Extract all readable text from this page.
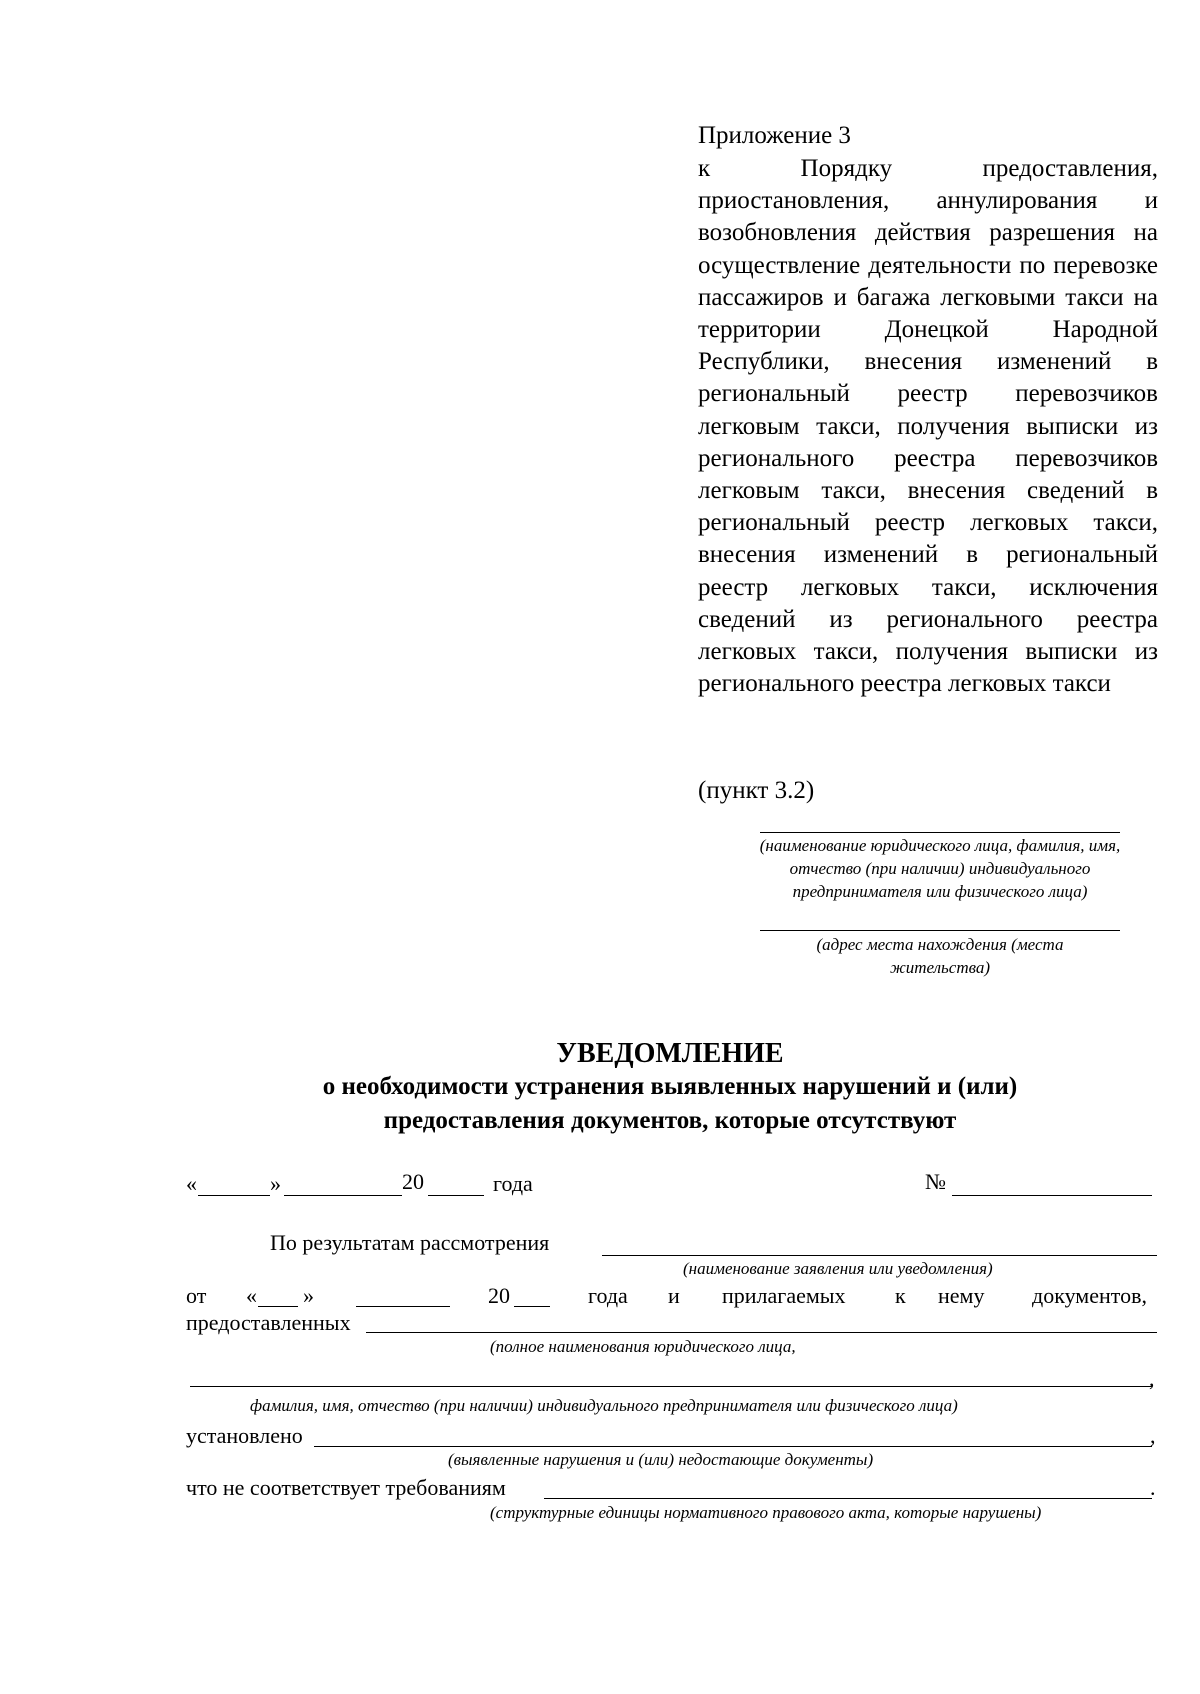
Приложение 3
к Порядку предоставления, приостановления, аннулирования и возобновления действия разрешения на осуществление деятельности по перевозке пассажиров и багажа легковыми такси на территории Донецкой Народной Республики, внесения изменений в региональный реестр перевозчиков легковым такси, получения выписки из регионального реестра перевозчиков легковым такси, внесения сведений в региональный реестр легковых такси, внесения изменений в региональный реестр легковых такси, исключения сведений из регионального реестра легковых такси, получения выписки из регионального реестра легковых такси
(пункт 3.2)
(наименование юридического лица, фамилия, имя, отчество (при наличии) индивидуального предпринимателя или физического лица)
(адрес места нахождения (места жительства)
УВЕДОМЛЕНИЕ
о необходимости устранения выявленных нарушений и (или) предоставления документов, которые отсутствуют
«	»	20	года	№
По результатам рассмотрения
(наименование заявления или уведомления)
от « »	20	года и прилагаемых к нему документов,
предоставленных
(полное наименования юридического лица,
,
фамилия, имя, отчество (при наличии) индивидуального предпринимателя или физического лица)
установлено	,
(выявленные нарушения и (или) недостающие документы)
что не соответствует требованиям	.
(структурные единицы нормативного правового акта, которые нарушены)
